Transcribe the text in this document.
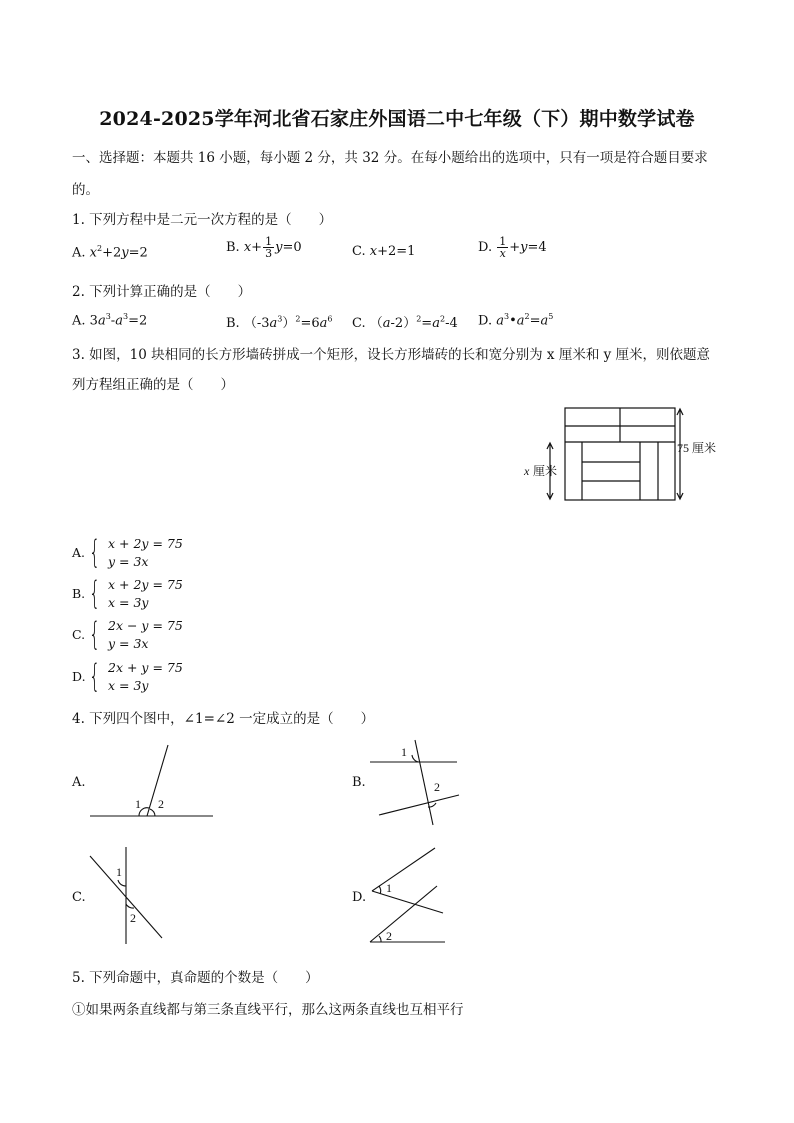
2024-2025学年河北省石家庄外国语二中七年级（下）期中数学试卷
一、选择题：本题共 16 小题，每小题 2 分，共 32 分。在每小题给出的选项中，只有一项是符合题目要求
的。
1. 下列方程中是二元一次方程的是（　　）
A. $x^2+2y=2$	B. $x+ \frac{1}{3} y=0$	C. x+2=1	D. $\frac{1}{x} +y=4$
2. 下列计算正确的是（　　）
A. $3a^3-a^3=2$	B. $(-3a^3)^2=6a^6$ C. $(a-2)^2=a^2-4$ D. $a^3•a^2=a^5$
3. 如图，10 块相同的长方形墙砖拼成一个矩形，设长方形墙砖的长和宽分别为 x 厘米和 y 厘米，则依题意
列方程组正确的是（　　）
75 厘米
x 厘米
A. { x + 2y = 75
y = 3x
B. { x + 2y = 75
x = 3y
C. { 2x − y = 75
y = 3x
D. { 2x + y = 75
x = 3y
4. 下列四个图中，∠1=∠2 一定成立的是（　　）
A.
1 2
B.
1
2
C.
1
2
D.
1
2
5. 下列命题中，真命题的个数是（　　）
①如果两条直线都与第三条直线平行，那么这两条直线也互相平行
